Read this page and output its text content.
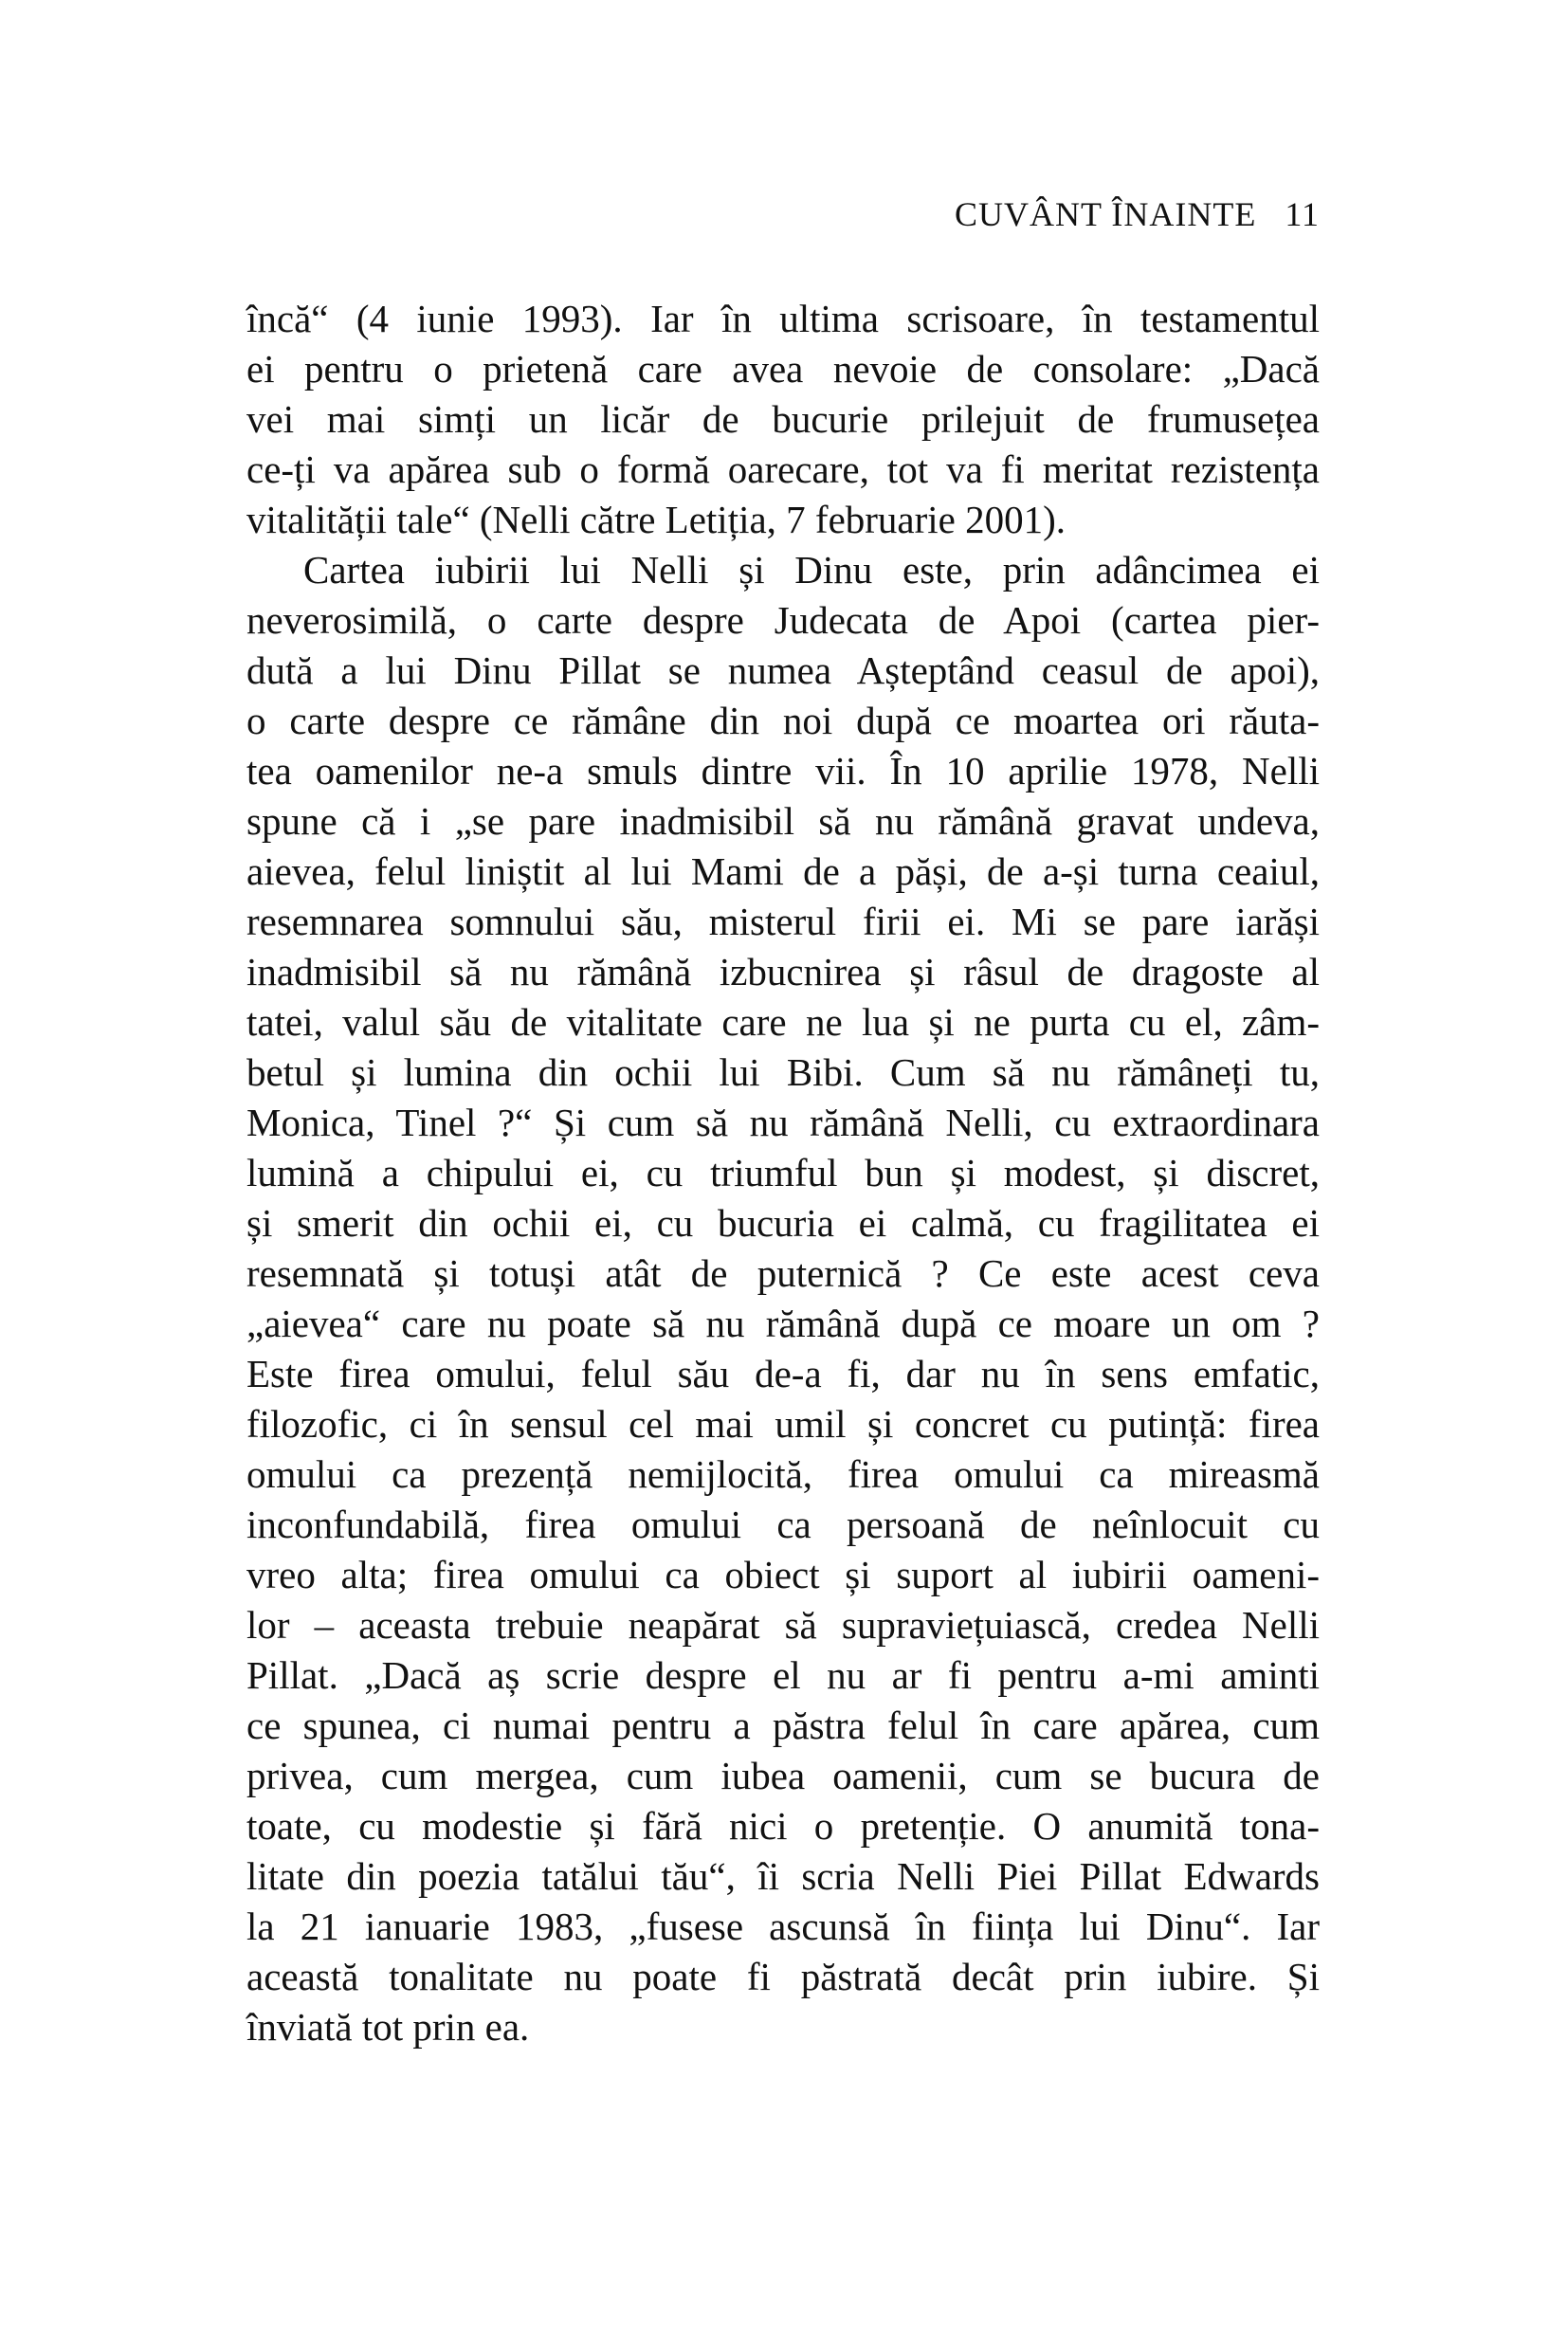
CUVÂNT ÎNAINTE 11
încă“ (4 iunie 1993). Iar în ultima scrisoare, în testamentul
ei pentru o prietenă care avea nevoie de consolare: „Dacă
vei mai simți un licăr de bucurie prilejuit de frumusețea
ce-ți va apărea sub o formă oarecare, tot va fi meritat rezistența
vitalității tale“ (Nelli către Letiția, 7 februarie 2001).
Cartea iubirii lui Nelli și Dinu este, prin adâncimea ei
neverosimilă, o carte despre Judecata de Apoi (cartea pier-
dută a lui Dinu Pillat se numea Așteptând ceasul de apoi),
o carte despre ce rămâne din noi după ce moartea ori răuta-
tea oamenilor ne-a smuls dintre vii. În 10 aprilie 1978, Nelli
spune că i „se pare inadmisibil să nu rămână gravat undeva,
aievea, felul liniștit al lui Mami de a păși, de a-și turna ceaiul,
resemnarea somnului său, misterul firii ei. Mi se pare iarăși
inadmisibil să nu rămână izbucnirea și râsul de dragoste al
tatei, valul său de vitalitate care ne lua și ne purta cu el, zâm-
betul și lumina din ochii lui Bibi. Cum să nu rămâneți tu,
Monica, Tinel ?“ Și cum să nu rămână Nelli, cu extraordinara
lumină a chipului ei, cu triumful bun și modest, și discret,
și smerit din ochii ei, cu bucuria ei calmă, cu fragilitatea ei
resemnată și totuși atât de puternică ? Ce este acest ceva
„aievea“ care nu poate să nu rămână după ce moare un om ?
Este firea omului, felul său de-a fi, dar nu în sens emfatic,
filozofic, ci în sensul cel mai umil și concret cu putință: firea
omului ca prezență nemijlocită, firea omului ca mireasmă
inconfundabilă, firea omului ca persoană de neînlocuit cu
vreo alta; firea omului ca obiect și suport al iubirii oameni-
lor – aceasta trebuie neapărat să supraviețuiască, credea Nelli
Pillat. „Dacă aș scrie despre el nu ar fi pentru a-mi aminti
ce spunea, ci numai pentru a păstra felul în care apărea, cum
privea, cum mergea, cum iubea oamenii, cum se bucura de
toate, cu modestie și fără nici o pretenție. O anumită tona-
litate din poezia tatălui tău“, îi scria Nelli Piei Pillat Edwards
la 21 ianuarie 1983, „fusese ascunsă în ființa lui Dinu“. Iar
această tonalitate nu poate fi păstrată decât prin iubire. Și
înviată tot prin ea.
